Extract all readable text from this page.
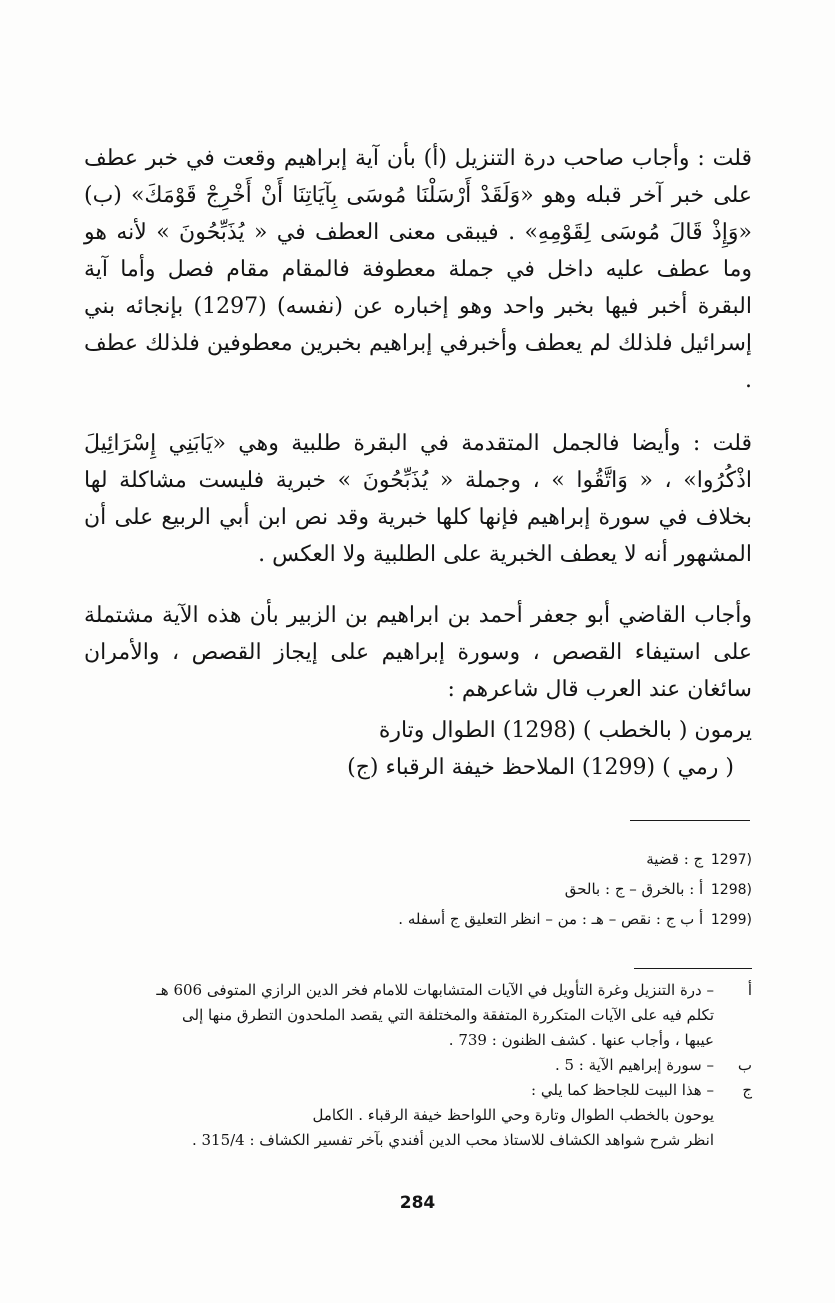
قلت : وأجاب صاحب درة التنزيل (أ) بأن آية إبراهيم وقعت في خبر عطف على خبر آخر قبله وهو «وَلَقَدْ أَرْسَلْنَا مُوسَى بِآيَاتِنَا أَنْ أَخْرِجْ قَوْمَكَ» (ب) «وَإِذْ قَالَ مُوسَى لِقَوْمِهِ» . فيبقى معنى العطف في « يُذَبِّحُونَ » لأنه هو وما عطف عليه داخل في جملة معطوفة فالمقام مقام فصل وأما آية البقرة أخبر فيها بخبر واحد وهو إخباره عن (نفسه) (1297) بإنجائه بني إسرائيل فلذلك لم يعطف وأخبرفي إبراهيم بخبرين معطوفين فلذلك عطف .

قلت : وأيضا فالجمل المتقدمة في البقرة طلبية وهي «يَابَنِي إِسْرَائِيلَ اذْكُرُوا» ، « وَاتَّقُوا » ، وجملة « يُذَبِّحُونَ » خبرية فليست مشاكلة لها بخلاف في سورة إبراهيم فإنها كلها خبرية وقد نص ابن أبي الربيع على أن المشهور أنه لا يعطف الخبرية على الطلبية ولا العكس .

وأجاب القاضي أبو جعفر أحمد بن ابراهيم بن الزبير بأن هذه الآية مشتملة على استيفاء القصص ، وسورة إبراهيم على إيجاز القصص ، والأمران سائغان عند العرب قال شاعرهم :

يرمون ( بالخطب ) (1298) الطوال وتارة

( رمي ) (1299) الملاحظ خيفة الرقباء (ج)

(1297 ج : قضية

(1298 أ : بالخرق – ج : بالحق

(1299 أ ب ج : نقص – هـ : من – انظر التعليق ج أسفله .

أ
– درة التنزيل وغرة التأويل في الآيات المتشابهات للامام فخر الدين الرازي المتوفى 606 هـ

تكلم فيه على الآيات المتكررة المتفقة والمختلفة التي يقصد الملحدون التطرق منها إلى

عيبها ، وأجاب عنها . كشف الظنون : 739 .

ب
– سورة إبراهيم الآية : 5 .

ج
– هذا البيت للجاحظ كما يلي :

يوحون بالخطب الطوال وتارة وحي اللواحظ خيفة الرقباء . الكامل

انظر شرح شواهد الكشاف للاستاذ محب الدين أفندي بآخر تفسير الكشاف : 315/4 .

284
